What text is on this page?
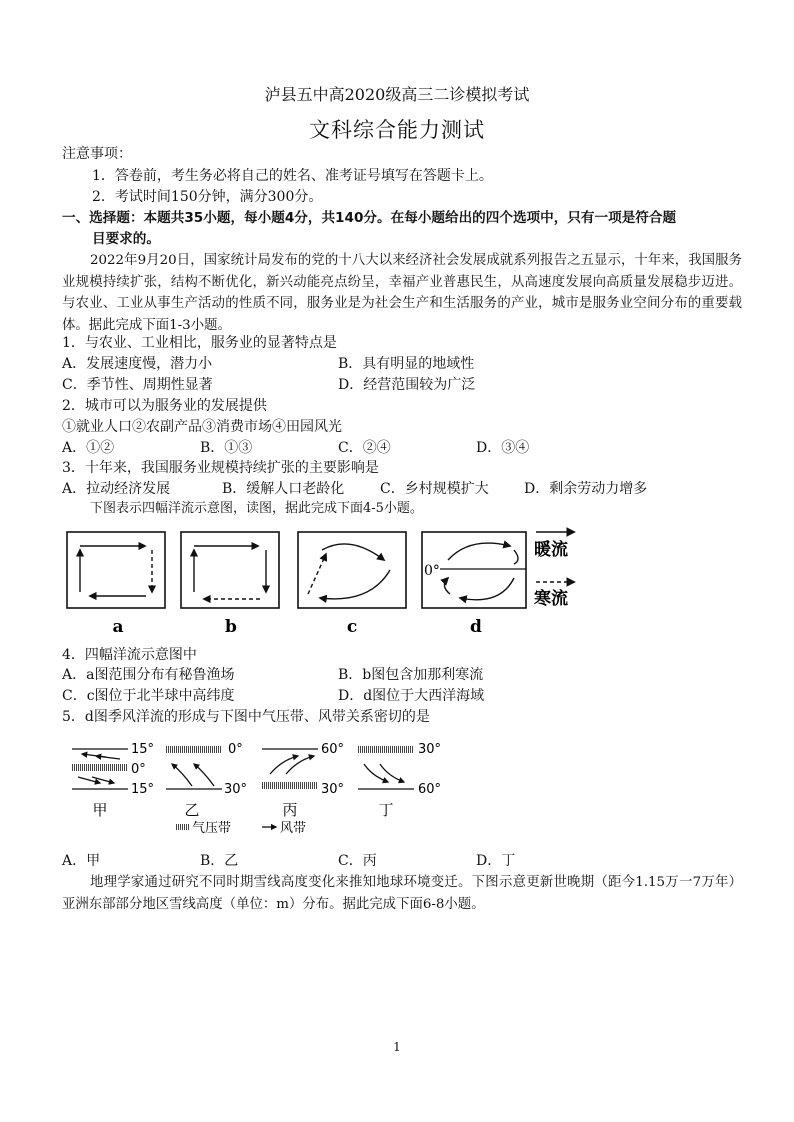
泸县五中高2020级高三二诊模拟考试
文科综合能力测试
注意事项：
1．答卷前，考生务必将自己的姓名、准考证号填写在答题卡上。
2．考试时间150分钟，满分300分。
一、选择题：本题共35小题，每小题4分，共140分。在每小题给出的四个选项中，只有一项是符合题
目要求的。
2022年9月20日，国家统计局发布的党的十八大以来经济社会发展成就系列报告之五显示，十年来，我国服务业规模持续扩张，结构不断优化，新兴动能亮点纷呈，幸福产业普惠民生，从高速度发展向高质量发展稳步迈进。与农业、工业从事生产活动的性质不同，服务业是为社会生产和生活服务的产业，城市是服务业空间分布的重要载体。据此完成下面1-3小题。
1．与农业、工业相比，服务业的显著特点是
A．发展速度慢，潜力小	B．具有明显的地域性
C．季节性、周期性显著	D．经营范围较为广泛
2．城市可以为服务业的发展提供
①就业人口②农副产品③消费市场④田园风光
A．①②	B．①③	C．②④	D．③④
3．十年来，我国服务业规模持续扩张的主要影响是
A．拉动经济发展	B．缓解人口老龄化	C．乡村规模扩大	D．剩余劳动力增多
下图表示四幅洋流示意图，读图，据此完成下面4-5小题。
a	b	c
0°
d
暖流
寒流
4．四幅洋流示意图中
A．a图范围分布有秘鲁渔场	B．b图包含加那利寒流
C．c图位于北半球中高纬度	D．d图位于大西洋海域
5．d图季风洋流的形成与下图中气压带、风带关系密切的是
15°
0°
15°
甲
0°
30°
乙
60°
30°
丙
30°
60°
丁
气压带	风带
A．甲	B．乙	C．丙	D．丁
地理学家通过研究不同时期雪线高度变化来推知地球环境变迁。下图示意更新世晚期（距今1.15万一7万年）亚洲东部部分地区雪线高度（单位：m）分布。据此完成下面6-8小题。
1
